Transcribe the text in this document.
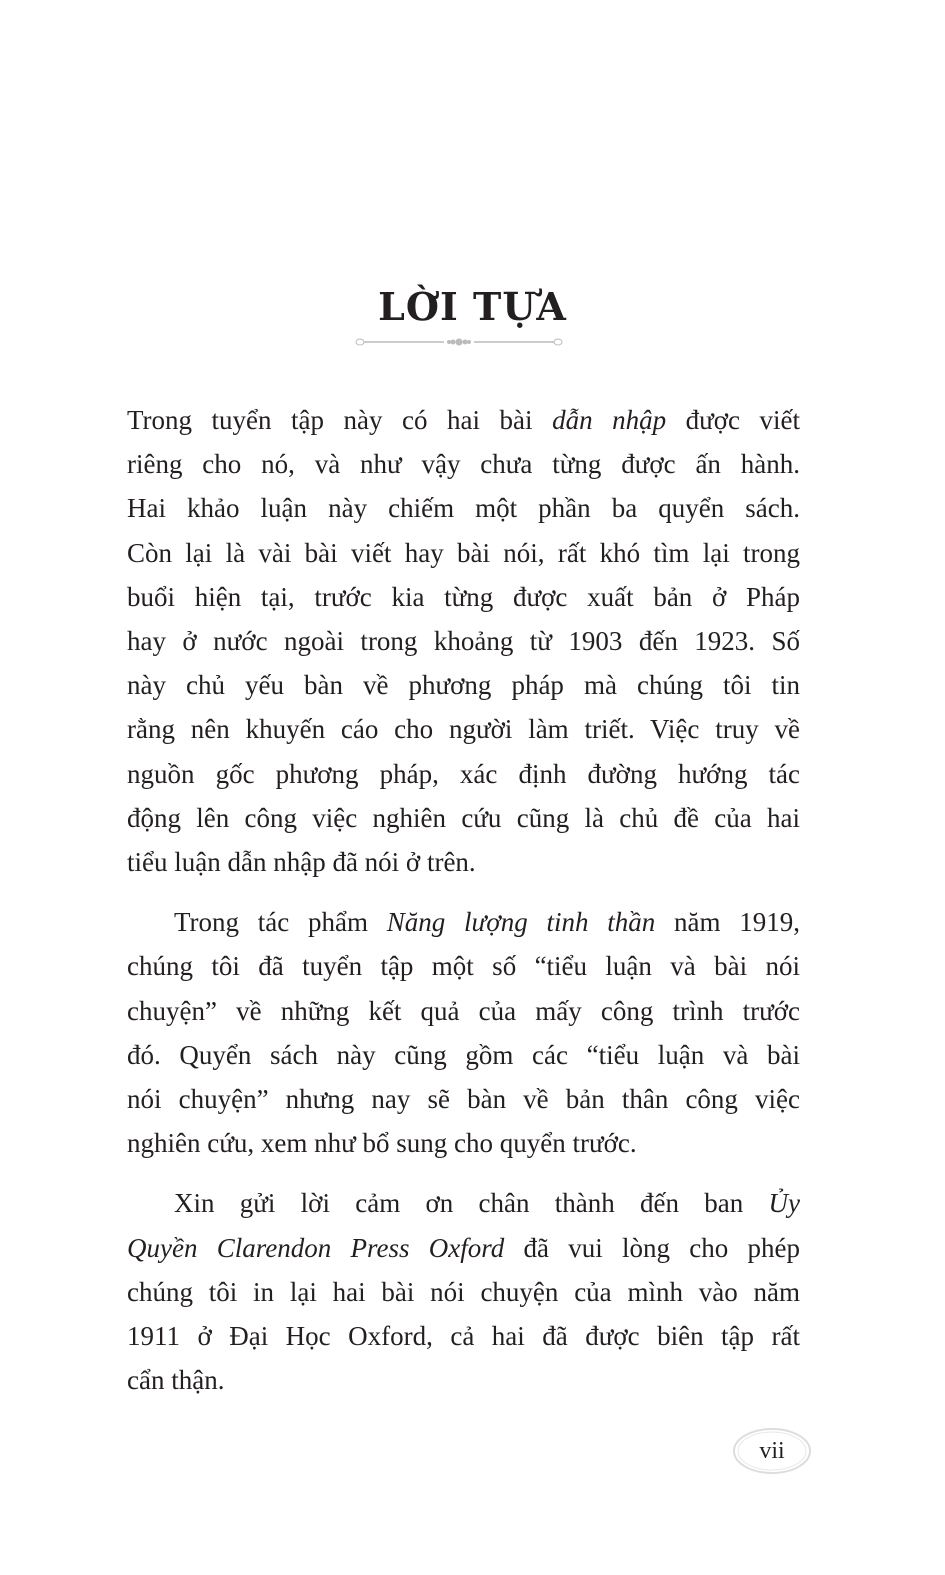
LỜI TỰA
Trong tuyển tập này có hai bài dẫn nhập được viết
riêng cho nó, và như vậy chưa từng được ấn hành.
Hai khảo luận này chiếm một phần ba quyển sách.
Còn lại là vài bài viết hay bài nói, rất khó tìm lại trong
buổi hiện tại, trước kia từng được xuất bản ở Pháp
hay ở nước ngoài trong khoảng từ 1903 đến 1923. Số
này chủ yếu bàn về phương pháp mà chúng tôi tin
rằng nên khuyến cáo cho người làm triết. Việc truy về
nguồn gốc phương pháp, xác định đường hướng tác
động lên công việc nghiên cứu cũng là chủ đề của hai
tiểu luận dẫn nhập đã nói ở trên.
Trong tác phẩm Năng lượng tinh thần năm 1919,
chúng tôi đã tuyển tập một số “tiểu luận và bài nói
chuyện” về những kết quả của mấy công trình trước
đó. Quyển sách này cũng gồm các “tiểu luận và bài
nói chuyện” nhưng nay sẽ bàn về bản thân công việc
nghiên cứu, xem như bổ sung cho quyển trước.
Xin gửi lời cảm ơn chân thành đến ban Ủy
Quyền Clarendon Press Oxford đã vui lòng cho phép
chúng tôi in lại hai bài nói chuyện của mình vào năm
1911 ở Đại Học Oxford, cả hai đã được biên tập rất
cẩn thận.
vii
